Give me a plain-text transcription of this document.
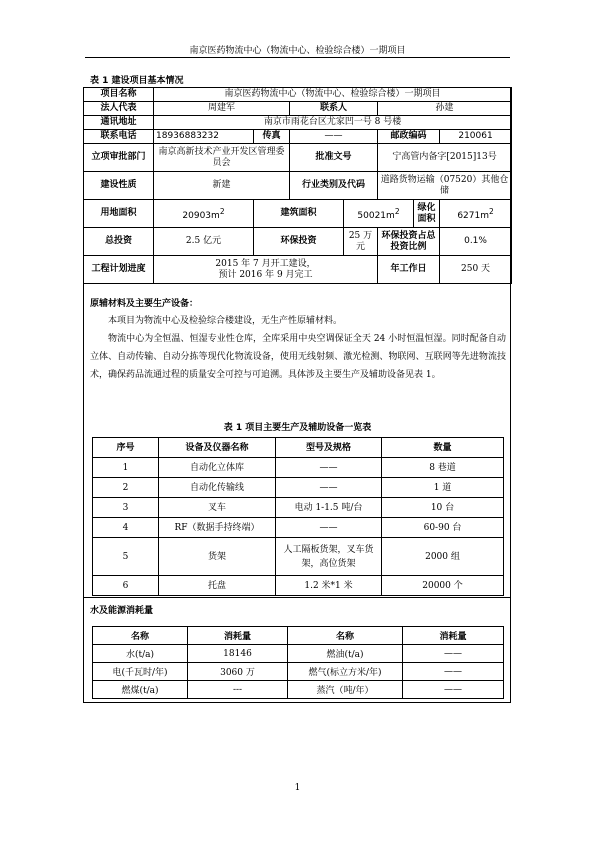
南京医药物流中心（物流中心、检验综合楼）一期项目
表 1 建设项目基本情况
项目名称	南京医药物流中心（物流中心、检验综合楼）一期项目						
法人代表	周建军		联系人		孙建		
通讯地址	南京市雨花台区尤家凹一号 8 号楼						
联系电话	18936883232	传真	——		邮政编码		210061
立项审批部门	南京高新技术产业开发区管理委员会		批准文号		宁高管内备字[2015]13号		
建设性质	新建		行业类别及代码		道路货物运输（07520）其他仓储		
用地面积	$20903m^2$	建筑面积		$50021m^2$		绿化面积	$6271m^2$
总投资	2.5 亿元	环保投资		25 万元	环保投资占总投资比例		0.1%
工程计划进度	2015 年 7 月开工建设，
预计 2016 年 9 月完工				年工作日		250 天
原辅材料及主要生产设备：
本项目为物流中心及检验综合楼建设，无生产性原辅材料。
物流中心为全恒温、恒湿专业性仓库，全库采用中央空调保证全天 24 小时恒温恒湿。同时配备自动立体、自动传输、自动分拣等现代化物流设备，使用无线射频、激光检测、物联网、互联网等先进物流技术，确保药品流通过程的质量安全可控与可追溯。具体涉及主要生产及辅助设备见表 1。
表 1 项目主要生产及辅助设备一览表
序号	设备及仪器名称	型号及规格	数量
1	自动化立体库	——	8 巷道
2	自动化传输线	——	1 道
3	叉车	电动 1-1.5 吨/台	10 台
4	RF（数据手持终端）	——	60-90 台
5	货架	人工隔板货架，叉车货架，高位货架	2000 组
6	托盘	1.2 米*1 米	20000 个
水及能源消耗量
名称	消耗量	名称	消耗量
水(t/a)	18146	燃油(t/a)	——
电(千瓦时/年)	3060 万	燃气(标立方米/年)	——
燃煤(t/a)	---	蒸汽（吨/年）	——
1
